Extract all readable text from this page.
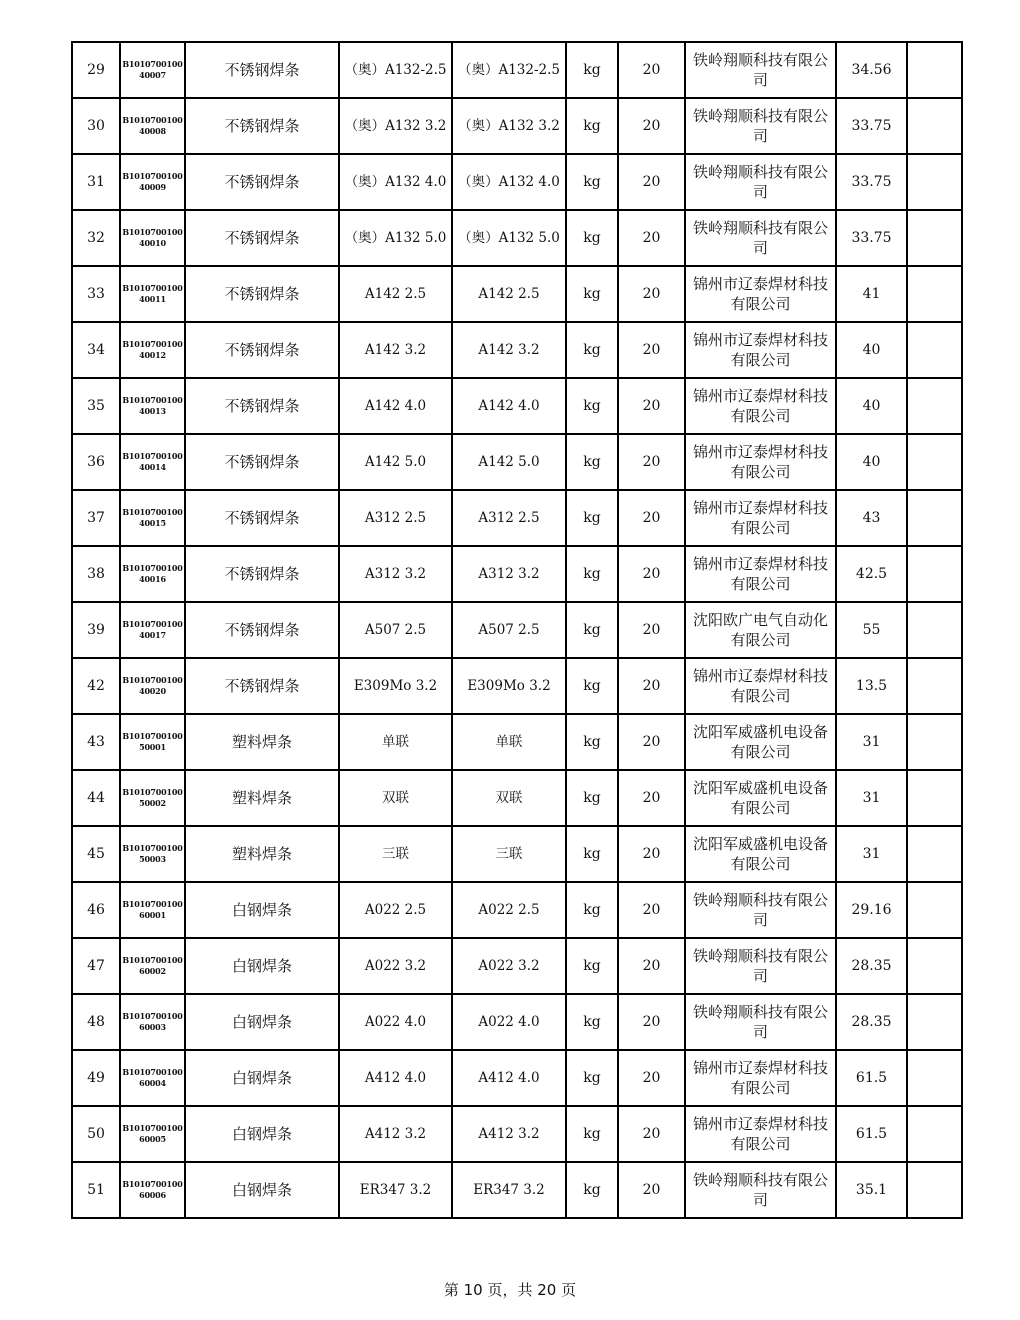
29	B101070010040007	不锈钢焊条	（奥）A132-2.5	（奥）A132-2.5	kg	20	铁岭翔顺科技有限公司	34.56	
30	B101070010040008	不锈钢焊条	（奥）A132 3.2	（奥）A132 3.2	kg	20	铁岭翔顺科技有限公司	33.75	
31	B101070010040009	不锈钢焊条	（奥）A132 4.0	（奥）A132 4.0	kg	20	铁岭翔顺科技有限公司	33.75	
32	B101070010040010	不锈钢焊条	（奥）A132 5.0	（奥）A132 5.0	kg	20	铁岭翔顺科技有限公司	33.75	
33	B101070010040011	不锈钢焊条	A142 2.5	A142 2.5	kg	20	锦州市辽泰焊材科技有限公司	41	
34	B101070010040012	不锈钢焊条	A142 3.2	A142 3.2	kg	20	锦州市辽泰焊材科技有限公司	40	
35	B101070010040013	不锈钢焊条	A142 4.0	A142 4.0	kg	20	锦州市辽泰焊材科技有限公司	40	
36	B101070010040014	不锈钢焊条	A142 5.0	A142 5.0	kg	20	锦州市辽泰焊材科技有限公司	40	
37	B101070010040015	不锈钢焊条	A312 2.5	A312 2.5	kg	20	锦州市辽泰焊材科技有限公司	43	
38	B101070010040016	不锈钢焊条	A312 3.2	A312 3.2	kg	20	锦州市辽泰焊材科技有限公司	42.5	
39	B101070010040017	不锈钢焊条	A507 2.5	A507 2.5	kg	20	沈阳欧广电气自动化有限公司	55	
42	B101070010040020	不锈钢焊条	E309Mo 3.2	E309Mo 3.2	kg	20	锦州市辽泰焊材科技有限公司	13.5	
43	B101070010050001	塑料焊条	单联	单联	kg	20	沈阳军威盛机电设备有限公司	31	
44	B101070010050002	塑料焊条	双联	双联	kg	20	沈阳军威盛机电设备有限公司	31	
45	B101070010050003	塑料焊条	三联	三联	kg	20	沈阳军威盛机电设备有限公司	31	
46	B101070010060001	白钢焊条	A022 2.5	A022 2.5	kg	20	铁岭翔顺科技有限公司	29.16	
47	B101070010060002	白钢焊条	A022 3.2	A022 3.2	kg	20	铁岭翔顺科技有限公司	28.35	
48	B101070010060003	白钢焊条	A022 4.0	A022 4.0	kg	20	铁岭翔顺科技有限公司	28.35	
49	B101070010060004	白钢焊条	A412 4.0	A412 4.0	kg	20	锦州市辽泰焊材科技有限公司	61.5	
50	B101070010060005	白钢焊条	A412 3.2	A412 3.2	kg	20	锦州市辽泰焊材科技有限公司	61.5	
51	B101070010060006	白钢焊条	ER347 3.2	ER347 3.2	kg	20	铁岭翔顺科技有限公司	35.1	
第 10 页，共 20 页
